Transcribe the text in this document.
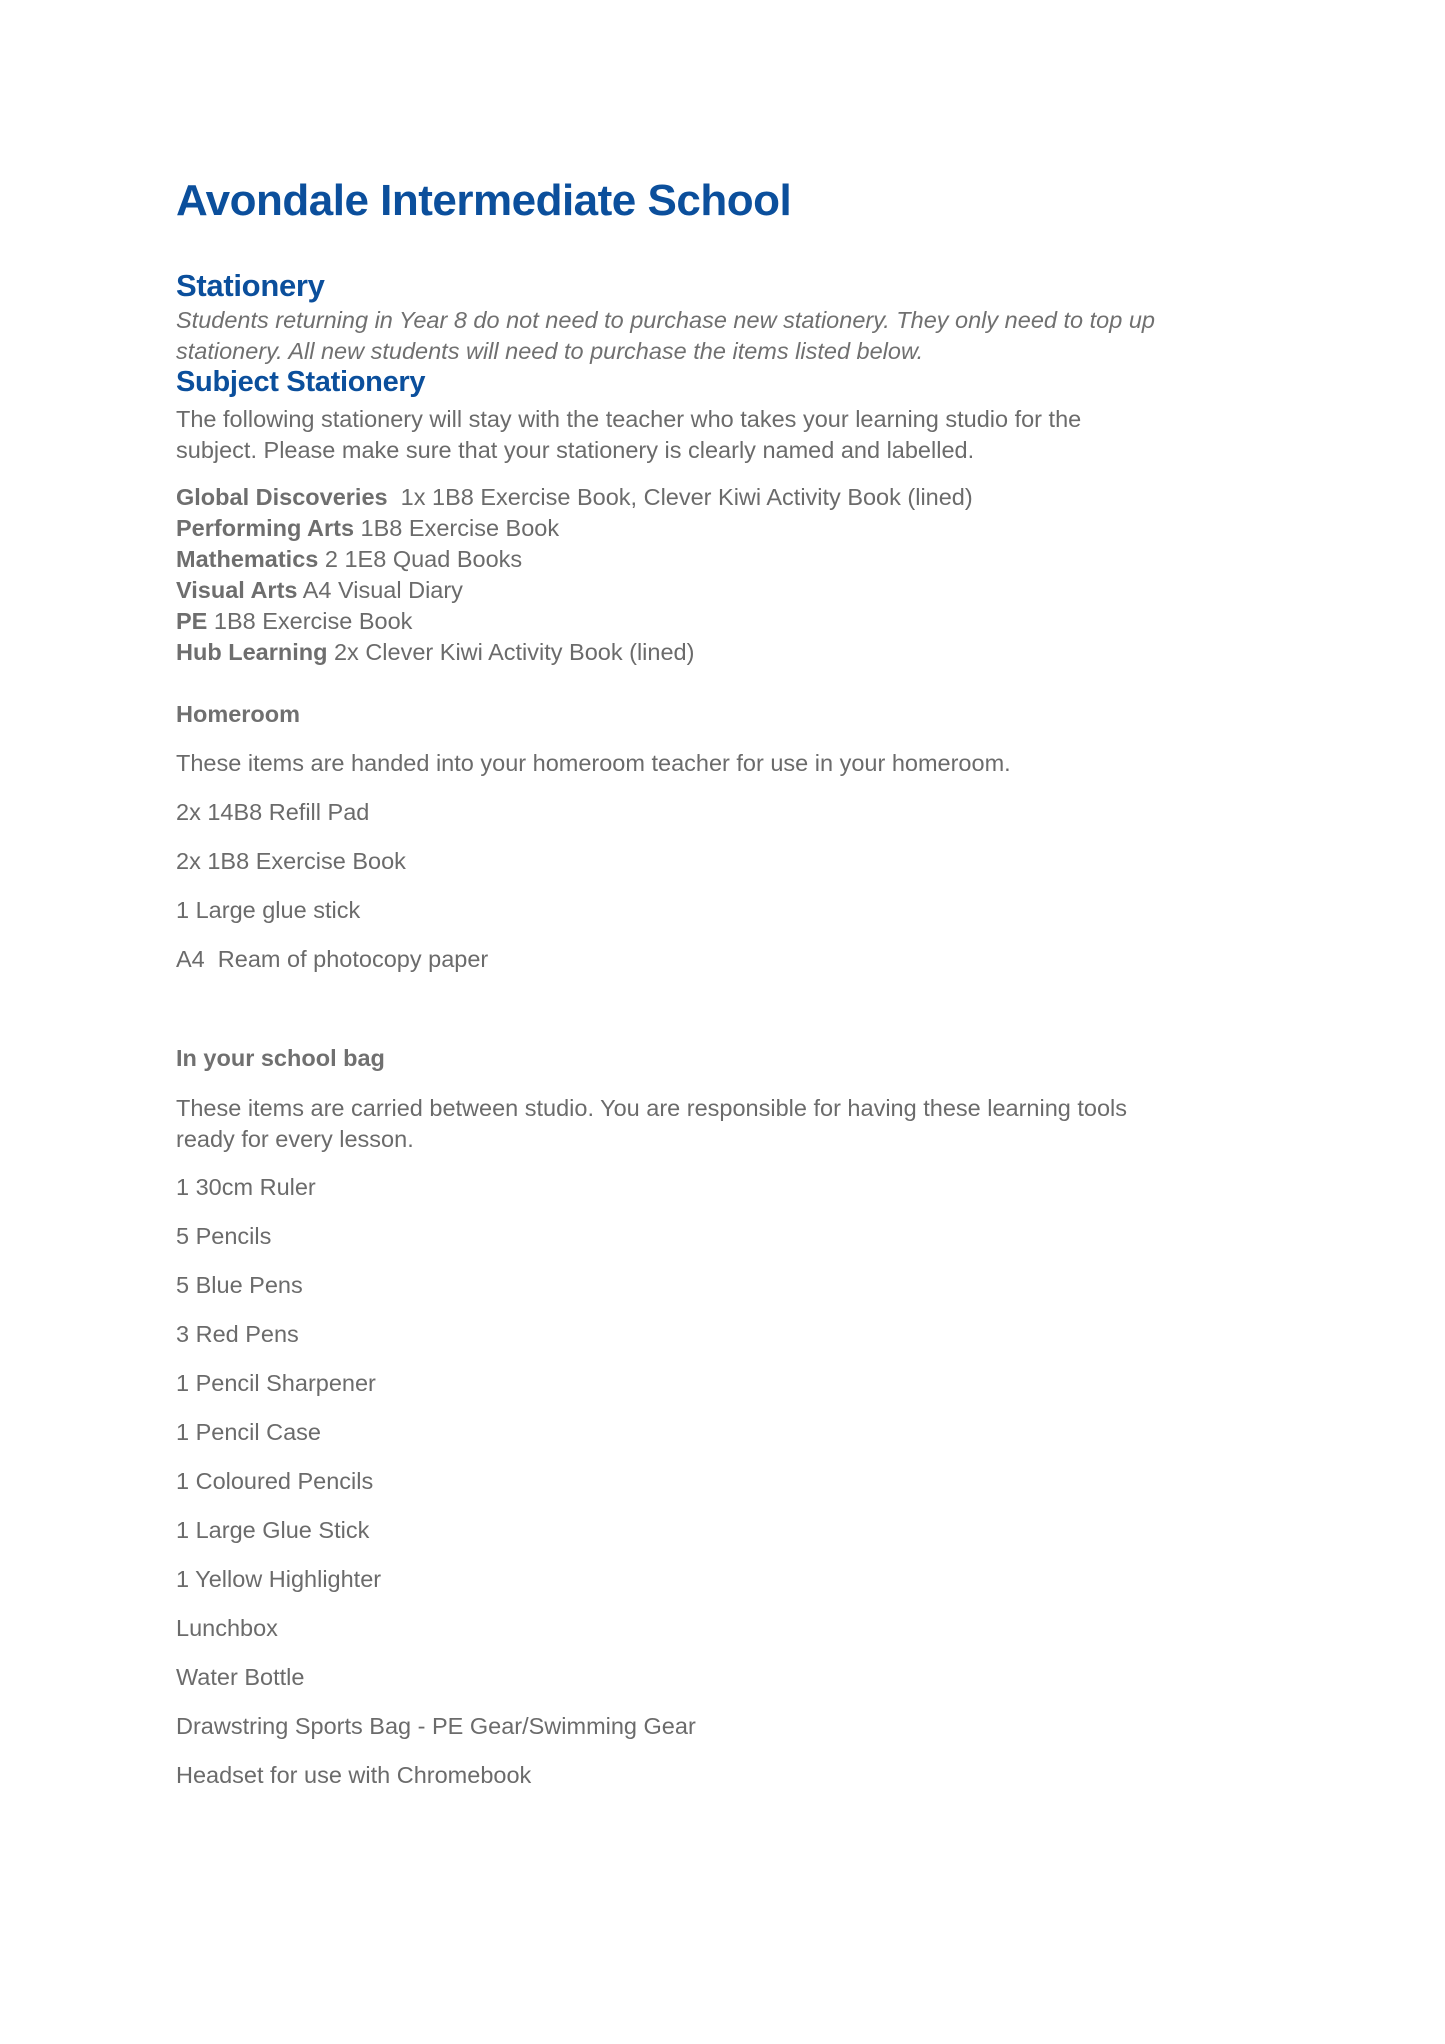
Avondale Intermediate School
Stationery
Students returning in Year 8 do not need to purchase new stationery. They only need to top up
stationery. All new students will need to purchase the items listed below.
Subject Stationery
The following stationery will stay with the teacher who takes your learning studio for the
subject. Please make sure that your stationery is clearly named and labelled.
Global Discoveries  1x 1B8 Exercise Book, Clever Kiwi Activity Book (lined)
Performing Arts 1B8 Exercise Book
Mathematics 2 1E8 Quad Books
Visual Arts A4 Visual Diary
PE 1B8 Exercise Book
Hub Learning 2x Clever Kiwi Activity Book (lined)
Homeroom
These items are handed into your homeroom teacher for use in your homeroom.
2x 14B8 Refill Pad
2x 1B8 Exercise Book
1 Large glue stick
A4  Ream of photocopy paper
In your school bag
These items are carried between studio. You are responsible for having these learning tools
ready for every lesson.
1 30cm Ruler
5 Pencils
5 Blue Pens
3 Red Pens
1 Pencil Sharpener
1 Pencil Case
1 Coloured Pencils
1 Large Glue Stick
1 Yellow Highlighter
Lunchbox
Water Bottle
Drawstring Sports Bag - PE Gear/Swimming Gear
Headset for use with Chromebook
